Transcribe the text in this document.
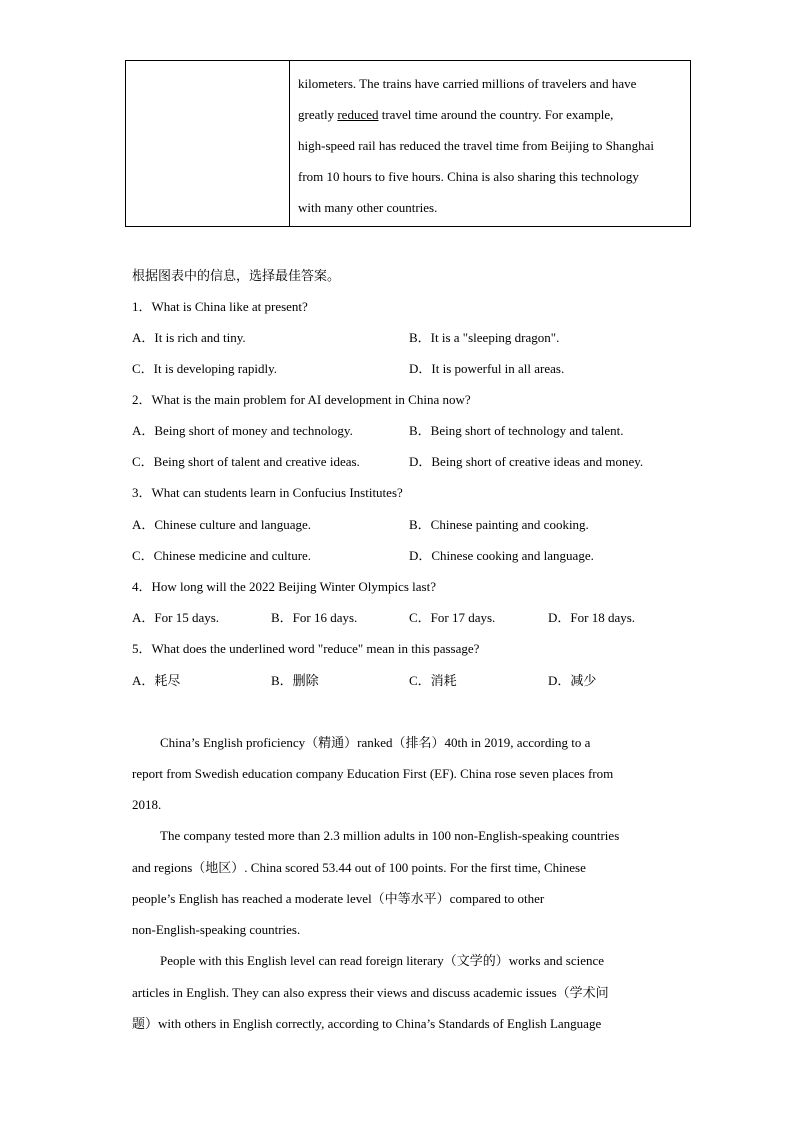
kilometers. The trains have carried millions of travelers and have
greatly reduced travel time around the country. For example,
high-speed rail has reduced the travel time from Beijing to Shanghai
from 10 hours to five hours. China is also sharing this technology
with many other countries.
根据图表中的信息，选择最佳答案。
1．What is China like at present?
A．It is rich and tiny.	B．It is a "sleeping dragon".
C．It is developing rapidly.	D．It is powerful in all areas.
2．What is the main problem for AI development in China now?
A．Being short of money and technology.	B．Being short of technology and talent.
C．Being short of talent and creative ideas.	D．Being short of creative ideas and money.
3．What can students learn in Confucius Institutes?
A．Chinese culture and language.	B．Chinese painting and cooking.
C．Chinese medicine and culture.	D．Chinese cooking and language.
4．How long will the 2022 Beijing Winter Olympics last?
A．For 15 days.	B．For 16 days.	C．For 17 days.	D．For 18 days.
5．What does the underlined word "reduce" mean in this passage?
A．耗尽	B．删除	C．消耗	D．减少
China’s English proficiency（精通）ranked（排名）40th in 2019, according to a
report from Swedish education company Education First (EF). China rose seven places from
2018.
The company tested more than 2.3 million adults in 100 non-English-speaking countries
and regions（地区）. China scored 53.44 out of 100 points. For the first time, Chinese
people’s English has reached a moderate level（中等水平）compared to other
non-English-speaking countries.
People with this English level can read foreign literary（文学的）works and science
articles in English. They can also express their views and discuss academic issues（学术问
题）with others in English correctly, according to China’s Standards of English Language
